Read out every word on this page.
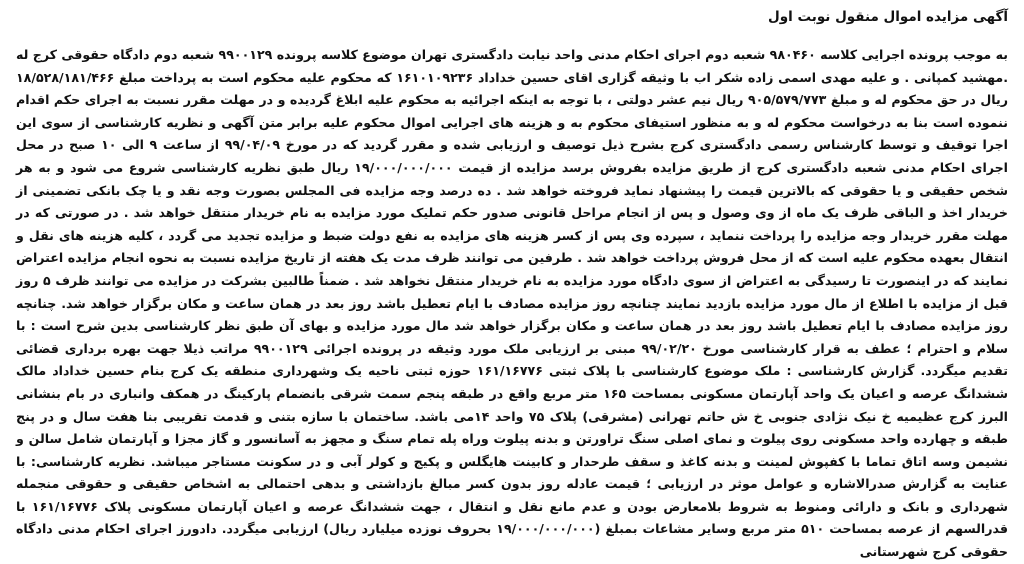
آگهی مزایده اموال منقول نوبت اول

به موجب پرونده اجرایی کلاسه ۹۸۰۴۶۰ شعبه دوم اجرای احکام مدنی واحد نیابت دادگستری تهران موضوع کلاسه پرونده ۹۹۰۰۱۲۹ شعبه دوم دادگاه حقوقی کرج له .مهشید کمپانی . و علیه مهدی اسمی زاده شکر اب با وثیقه گزاری اقای حسین خداداد ۱۶۱۰۱۰۹۲۳۶ که محکوم علیه محکوم است به پرداخت مبلغ ۱۸/۵۲۸/۱۸۱/۴۶۶ ریال در حق محکوم له و مبلغ ۹۰۵/۵۷۹/۷۷۳ ریال نیم عشر دولتی ، با توجه به اینکه اجرائیه به محکوم علیه ابلاغ گردیده و در مهلت مقرر نسبت به اجرای حکم اقدام ننموده است بنا به درخواست محکوم له و به منظور استیفای محکوم به و هزینه های اجرایی اموال محکوم علیه برابر متن آگهی و نظریه کارشناسی از سوی این اجرا توقیف و توسط کارشناس رسمی دادگستری کرج بشرح ذیل توصیف و ارزیابی شده و مقرر گردید که در مورخ ۹۹/۰۴/۰۹ از ساعت ۹ الی ۱۰ صبح در محل اجرای احکام مدنی شعبه دادگستری کرج از طریق مزایده بفروش برسد مزایده از قیمت ۱۹/۰۰۰/۰۰۰/۰۰۰ ریال طبق نظریه کارشناسی شروع می شود و به هر شخص حقیقی و یا حقوقی که بالاترین قیمت را پیشنهاد نماید فروخته خواهد شد . ده درصد وجه مزایده فی المجلس بصورت وجه نقد و یا چک بانکی تضمینی از خریدار اخذ و الباقی ظرف یک ماه از وی وصول و پس از انجام مراحل قانونی صدور حکم تملیک مورد مزایده به نام خریدار منتقل خواهد شد . در صورتی که در مهلت مقرر خریدار وجه مزایده را پرداخت ننماید ، سپرده وی پس از کسر هزینه های مزایده به نفع دولت ضبط و مزایده تجدید می گردد ، کلیه هزینه های نقل و انتقال بعهده محکوم علیه است که از محل فروش پرداخت خواهد شد . طرفین می توانند ظرف مدت یک هفته از تاریخ مزایده نسبت به نحوه انجام مزایده اعتراض نمایند که در اینصورت تا رسیدگی به اعتراض از سوی دادگاه مورد مزایده به نام خریدار منتقل نخواهد شد . ضمناً طالبین بشرکت در مزایده می توانند ظرف ۵ روز قبل از مزایده با اطلاع از مال مورد مزایده بازدید نمایند چنانچه روز مزایده مصادف با ایام تعطیل باشد روز بعد در همان ساعت و مکان برگزار خواهد شد. چنانچه روز مزایده مصادف با ایام تعطیل باشد روز بعد در همان ساعت و مکان برگزار خواهد شد مال مورد مزایده و بهای آن طبق نظر کارشناسی بدین شرح است : با سلام و احترام ؛ عطف به قرار کارشناسی مورخ ۹۹/۰۲/۲۰ مبنی بر ارزیابی ملک مورد وثیقه در پرونده اجرائی ۹۹۰۰۱۲۹ مراتب ذیلا جهت بهره برداری قضائی تقدیم میگردد. گزارش کارشناسی : ملک موضوع کارشناسی با پلاک ثبتی ۱۶۱/۱۶۷۷۶ حوزه ثبتی ناحیه یک وشهرداری منطقه یک کرج بنام حسین خداداد مالک ششدانگ عرصه و اعیان یک واحد آپارتمان مسکونی بمساحت ۱۶۵ متر مربع واقع در طبقه پنجم سمت شرقی بانضمام پارکینگ در همکف وانباری در بام بنشانی البرز کرج عظیمیه خ نیک نژادی جنوبی خ ش حاتم تهرانی (مشرقی) پلاک ۷۵ واحد ۱۴می باشد. ساختمان با سازه بتنی و قدمت تقریبی بنا هفت سال و در پنج طبقه و چهارده واحد مسکونی روی پیلوت و نمای اصلی سنگ تراورتن و بدنه پیلوت وراه پله تمام سنگ و مجهز به آسانسور و گاز مجزا و آپارتمان شامل سالن و نشیمن وسه اتاق تماما با کفپوش لمینت و بدنه کاغذ و سقف طرحدار و کابینت هایگلس و پکیج و کولر آبی و در سکونت مستاجر میباشد. نظریه کارشناسی: با عنایت به گزارش صدرالاشاره و عوامل موثر در ارزیابی ؛ قیمت عادله روز بدون کسر مبالغ بازداشتی و بدهی احتمالی به اشخاص حقیقی و حقوقی منجمله شهرداری و بانک و دارائی ومنوط به شروط بلامعارض بودن و عدم مانع نقل و انتقال ، جهت ششدانگ عرصه و اعیان آپارتمان مسکونی پلاک ۱۶۱/۱۶۷۷۶ با قدرالسهم از عرصه بمساحت ۵۱۰ متر مربع وسایر مشاعات بمبلغ (۱۹/۰۰۰/۰۰۰/۰۰۰ بحروف نوزده میلیارد ریال) ارزیابی میگردد. دادورز اجرای احکام مدنی دادگاه حقوقی کرج شهرستانی
